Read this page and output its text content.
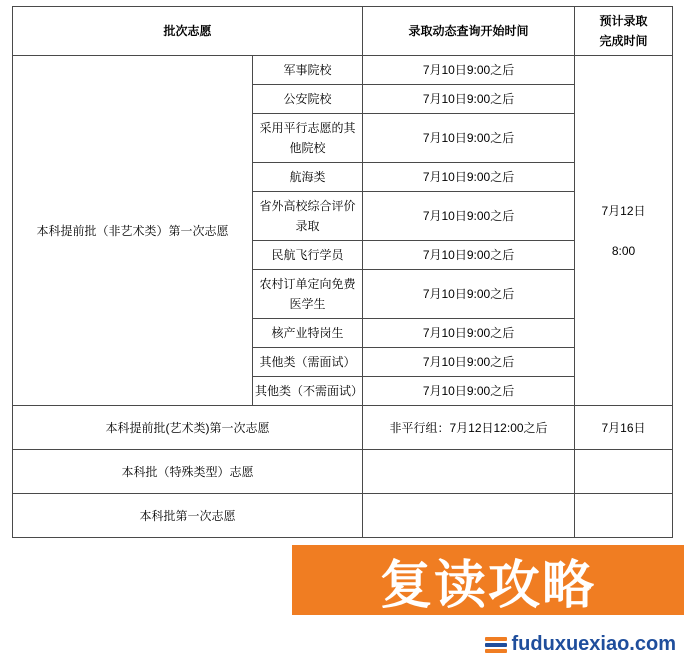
批次志愿		录取动态查询开始时间	预计录取
完成时间
本科提前批（非艺术类）第一次志愿	军事院校	7月10日9:00之后	7月12日

8:00
	公安院校	7月10日9:00之后	
	采用平行志愿的其他院校	7月10日9:00之后	
	航海类	7月10日9:00之后	
	省外高校综合评价录取	7月10日9:00之后	
	民航飞行学员	7月10日9:00之后	
	农村订单定向免费医学生	7月10日9:00之后	
	核产业特岗生	7月10日9:00之后	
	其他类（需面试）	7月10日9:00之后	
	其他类（不需面试）	7月10日9:00之后	
本科提前批(艺术类)第一次志愿		非平行组：7月12日12:00之后	7月16日
本科批（特殊类型）志愿			
本科批第一次志愿			
复读攻略
fuduxuexiao.com
